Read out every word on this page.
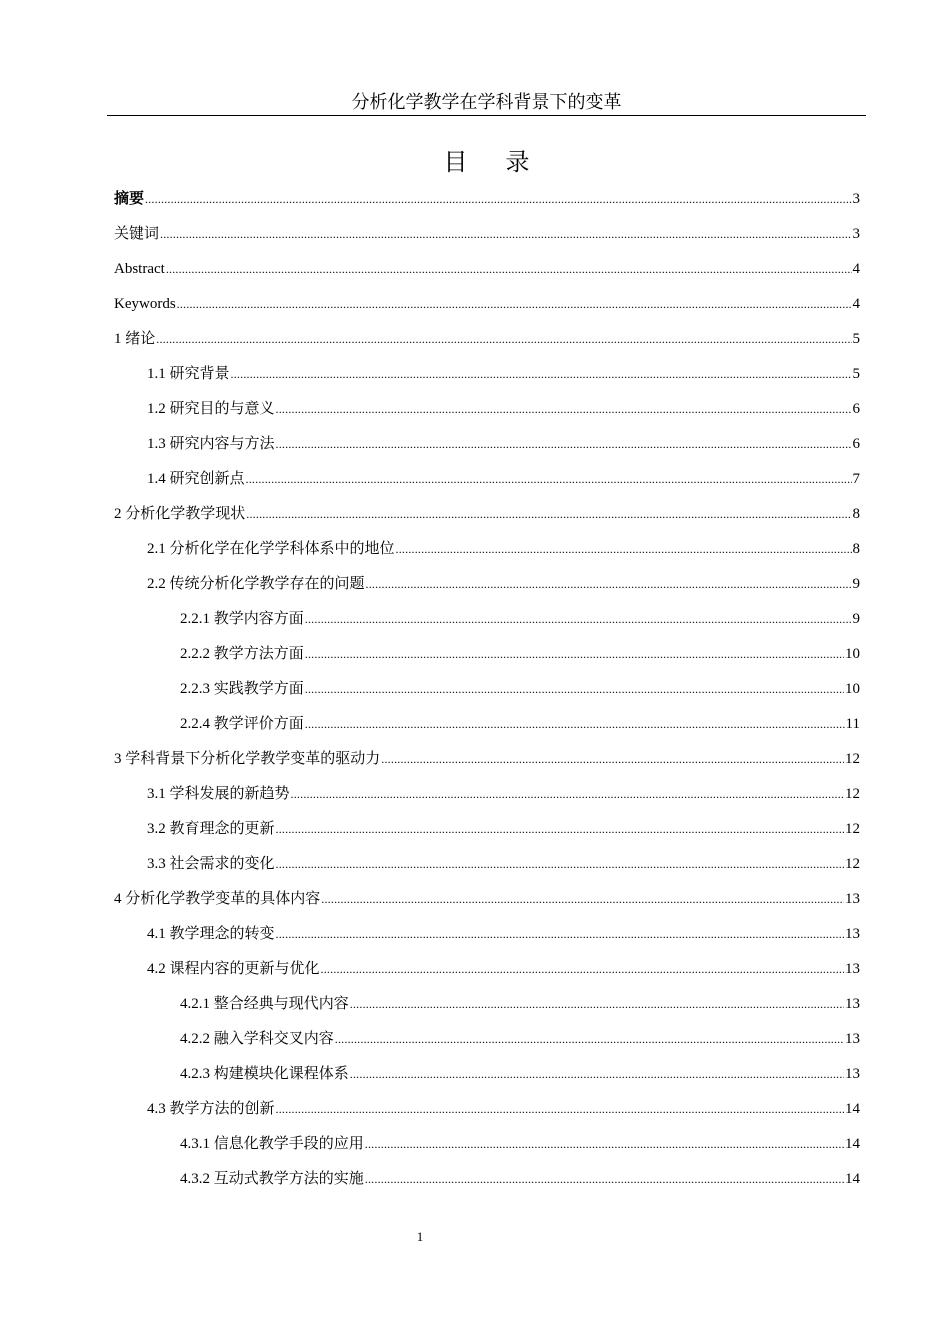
分析化学教学在学科背景下的变革
目录
摘要 .....	3
关键词 .....	3
Abstract .....	4
Keywords .....	4
1 绪论 .....	5
1.1 研究背景 .....	5
1.2 研究目的与意义 .....	6
1.3 研究内容与方法 .....	6
1.4 研究创新点 .....	7
2 分析化学教学现状 .....	8
2.1 分析化学在化学学科体系中的地位 .....	8
2.2 传统分析化学教学存在的问题 .....	9
2.2.1 教学内容方面 .....	9
2.2.2 教学方法方面 .....	10
2.2.3 实践教学方面 .....	10
2.2.4 教学评价方面 .....	11
3 学科背景下分析化学教学变革的驱动力 .....	12
3.1 学科发展的新趋势 .....	12
3.2 教育理念的更新 .....	12
3.3 社会需求的变化 .....	12
4 分析化学教学变革的具体内容 .....	13
4.1 教学理念的转变 .....	13
4.2 课程内容的更新与优化 .....	13
4.2.1 整合经典与现代内容 .....	13
4.2.2 融入学科交叉内容 .....	13
4.2.3 构建模块化课程体系 .....	13
4.3 教学方法的创新 .....	14
4.3.1 信息化教学手段的应用 .....	14
4.3.2 互动式教学方法的实施 .....	14
1
